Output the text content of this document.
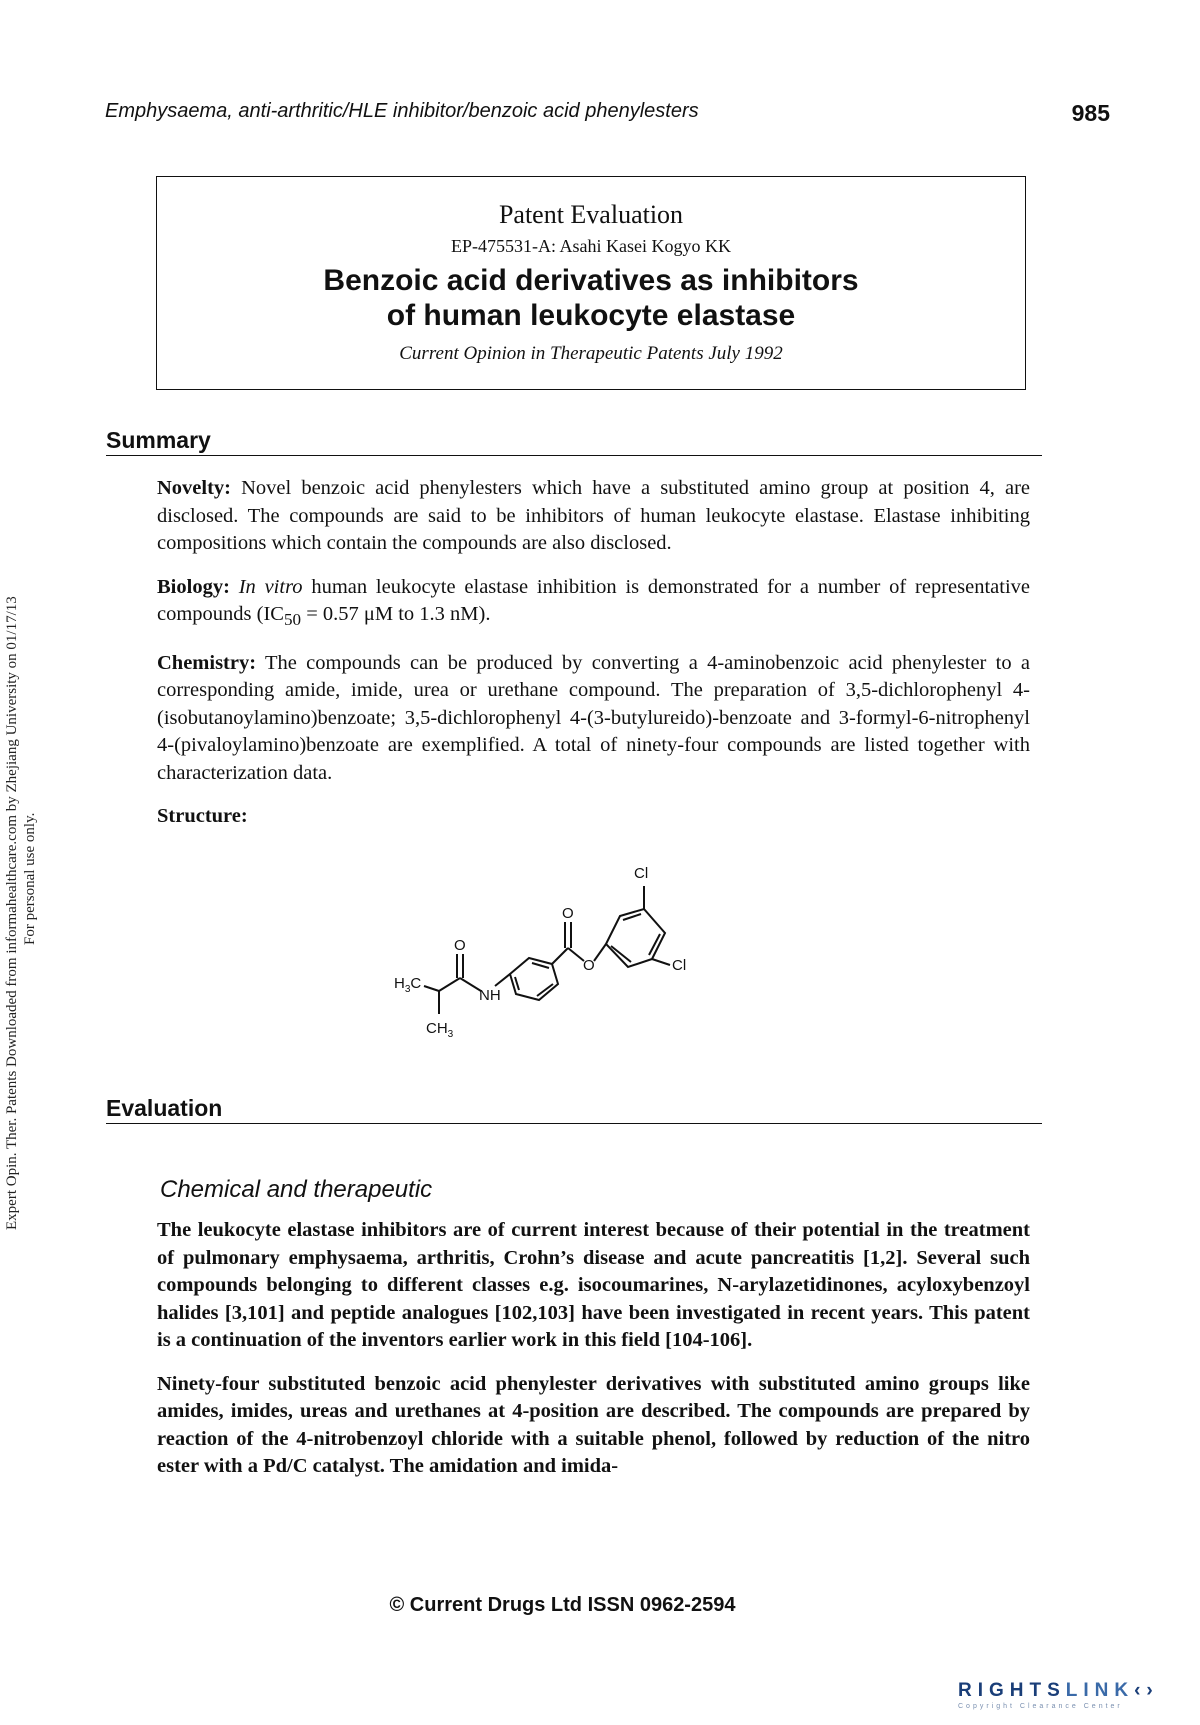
Expert Opin. Ther. Patents Downloaded from informahealthcare.com by Zhejiang University on 01/17/13 For personal use only.
Emphysaema, anti-arthritic/HLE inhibitor/benzoic acid phenylesters	985
Patent Evaluation
EP-475531-A: Asahi Kasei Kogyo KK
Benzoic acid derivatives as inhibitors
of human leukocyte elastase
Current Opinion in Therapeutic Patents July 1992
Summary

Novelty: Novel benzoic acid phenylesters which have a substituted amino group at position 4, are disclosed. The compounds are said to be inhibitors of human leukocyte elastase. Elastase inhibiting compositions which contain the compounds are also disclosed.

Biology: In vitro human leukocyte elastase inhibition is demonstrated for a number of representative compounds ($IC_{50} = 0.57$ μM to 1.3 nM).

Chemistry: The compounds can be produced by converting a 4-aminobenzoic acid phenylester to a corresponding amide, imide, urea or urethane compound. The preparation of 3,5-dichlorophenyl 4-(isobutanoylamino)benzoate; 3,5-dichlorophenyl 4-(3-butylureido)-benzoate and 3-formyl-6-nitrophenyl 4-(pivaloylamino)benzoate are exemplified. A total of ninety-four compounds are listed together with characterization data.

Structure:

Cl
Cl
O
O
O
NH
$H_3C$
$CH_3$
Evaluation
Chemical and therapeutic

The leukocyte elastase inhibitors are of current interest because of their potential in the treatment of pulmonary emphysaema, arthritis, Crohn’s disease and acute pancreatitis [1,2]. Several such compounds belonging to different classes e.g. isocoumarines, N-arylazetidinones, acyloxybenzoyl halides [3,101] and peptide analogues [102,103] have been investigated in recent years. This patent is a continuation of the inventors earlier work in this field [104-106].

Ninety-four substituted benzoic acid phenylester derivatives with substituted amino groups like amides, imides, ureas and urethanes at 4-position are described. The compounds are prepared by reaction of the 4-nitrobenzoyl chloride with a suitable phenol, followed by reduction of the nitro ester with a Pd/C catalyst. The amidation and imida-

© Current Drugs Ltd ISSN 0962-2594
RIGHTSLINK‹›
Copyright Clearance Center
